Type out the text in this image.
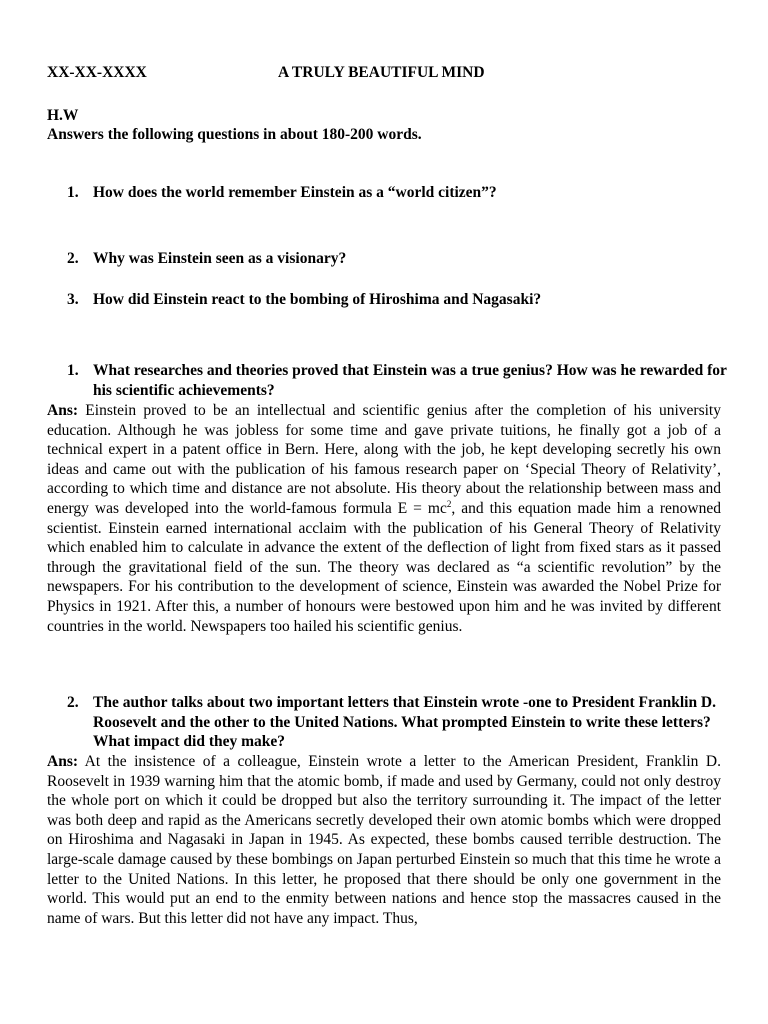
XX-XX-XXXX	A TRULY BEAUTIFUL MIND
H.W
Answers the following questions in about 180-200 words.
1. How does the world remember Einstein as a “world citizen”?
2. Why was Einstein seen as a visionary?
3. How did Einstein react to the bombing of Hiroshima and Nagasaki?
1. What researches and theories proved that Einstein was a true genius? How was he rewarded for his scientific achievements?
Ans: Einstein proved to be an intellectual and scientific genius after the completion of his university education. Although he was jobless for some time and gave private tuitions, he finally got a job of a technical expert in a patent office in Bern. Here, along with the job, he kept developing secretly his own ideas and came out with the publication of his famous research paper on ‘Special Theory of Relativity’, according to which time and distance are not absolute. His theory about the relationship between mass and energy was developed into the world-famous formula $E = mc^2$, and this equation made him a renowned scientist. Einstein earned international acclaim with the publication of his General Theory of Relativity which enabled him to calculate in advance the extent of the deflection of light from fixed stars as it passed through the gravitational field of the sun. The theory was declared as “a scientific revolution” by the newspapers. For his contribution to the development of science, Einstein was awarded the Nobel Prize for Physics in 1921. After this, a number of honours were bestowed upon him and he was invited by different countries in the world. Newspapers too hailed his scientific genius.
2. The author talks about two important letters that Einstein wrote -one to President Franklin D. Roosevelt and the other to the United Nations. What prompted Einstein to write these letters? What impact did they make?
Ans: At the insistence of a colleague, Einstein wrote a letter to the American President, Franklin D. Roosevelt in 1939 warning him that the atomic bomb, if made and used by Germany, could not only destroy the whole port on which it could be dropped but also the territory surrounding it. The impact of the letter was both deep and rapid as the Americans secretly developed their own atomic bombs which were dropped on Hiroshima and Nagasaki in Japan in 1945. As expected, these bombs caused terrible destruction. The large-scale damage caused by these bombings on Japan perturbed Einstein so much that this time he wrote a letter to the United Nations. In this letter, he proposed that there should be only one government in the world. This would put an end to the enmity between nations and hence stop the massacres caused in the name of wars. But this letter did not have any impact. Thus,
